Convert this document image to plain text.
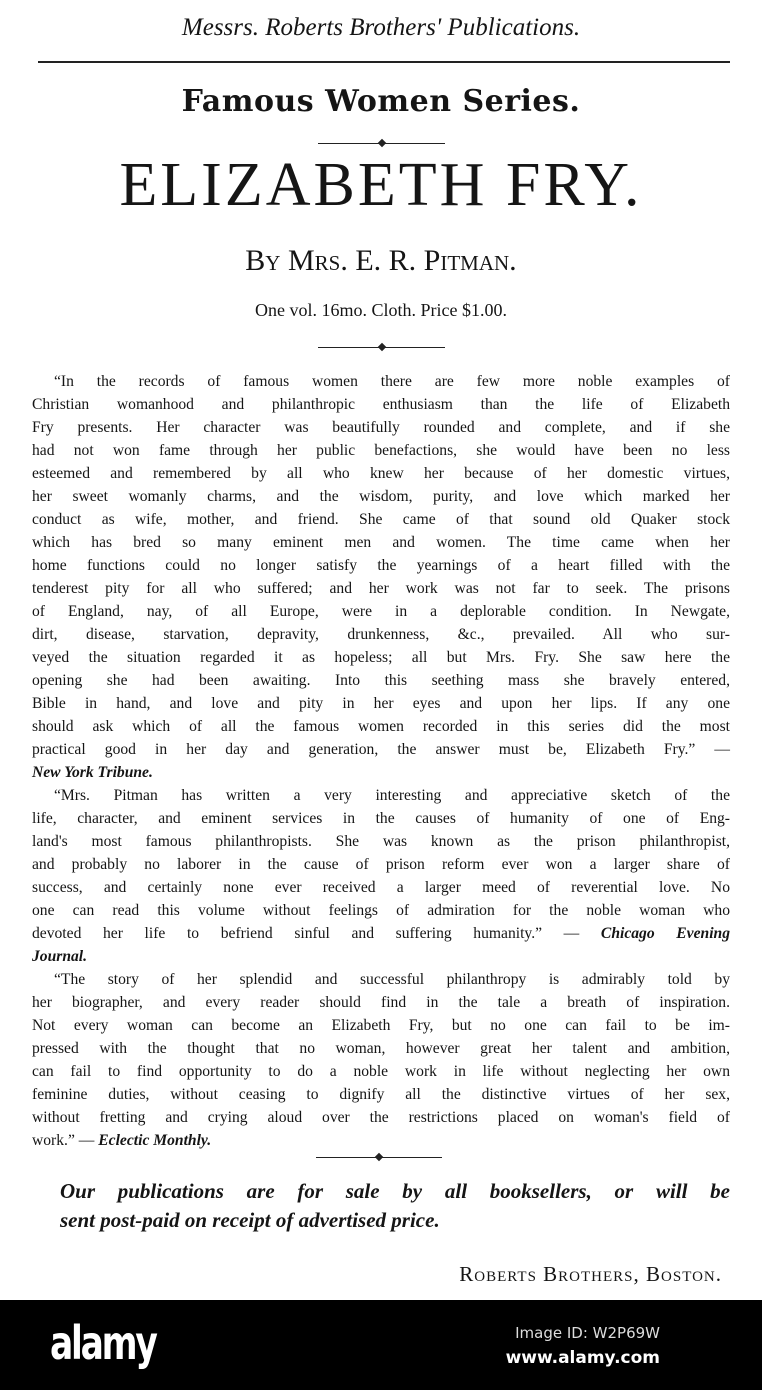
Messrs. Roberts Brothers' Publications.
Famous Women Series.
ELIZABETH FRY.
By Mrs. E. R. Pitman.
One vol. 16mo. Cloth. Price $1.00.
“In the records of famous women there are few more noble examples of
Christian womanhood and philanthropic enthusiasm than the life of Elizabeth
Fry presents. Her character was beautifully rounded and complete, and if she
had not won fame through her public benefactions, she would have been no less
esteemed and remembered by all who knew her because of her domestic virtues,
her sweet womanly charms, and the wisdom, purity, and love which marked her
conduct as wife, mother, and friend. She came of that sound old Quaker stock
which has bred so many eminent men and women. The time came when her
home functions could no longer satisfy the yearnings of a heart filled with the
tenderest pity for all who suffered; and her work was not far to seek. The prisons
of England, nay, of all Europe, were in a deplorable condition. In Newgate,
dirt, disease, starvation, depravity, drunkenness, &c., prevailed. All who sur-
veyed the situation regarded it as hopeless; all but Mrs. Fry. She saw here the
opening she had been awaiting. Into this seething mass she bravely entered,
Bible in hand, and love and pity in her eyes and upon her lips. If any one
should ask which of all the famous women recorded in this series did the most
practical good in her day and generation, the answer must be, Elizabeth Fry.” —
New York Tribune.
“Mrs. Pitman has written a very interesting and appreciative sketch of the
life, character, and eminent services in the causes of humanity of one of Eng-
land's most famous philanthropists. She was known as the prison philanthropist,
and probably no laborer in the cause of prison reform ever won a larger share of
success, and certainly none ever received a larger meed of reverential love. No
one can read this volume without feelings of admiration for the noble woman who
devoted her life to befriend sinful and suffering humanity.” — Chicago Evening
Journal.
“The story of her splendid and successful philanthropy is admirably told by
her biographer, and every reader should find in the tale a breath of inspiration.
Not every woman can become an Elizabeth Fry, but no one can fail to be im-
pressed with the thought that no woman, however great her talent and ambition,
can fail to find opportunity to do a noble work in life without neglecting her own
feminine duties, without ceasing to dignify all the distinctive virtues of her sex,
without fretting and crying aloud over the restrictions placed on woman's field of
work.” — Eclectic Monthly.
Our publications are for sale by all booksellers, or will be
sent post-paid on receipt of advertised price.
Roberts Brothers, Boston.
alamy	Image ID: W2P69W
www.alamy.com
